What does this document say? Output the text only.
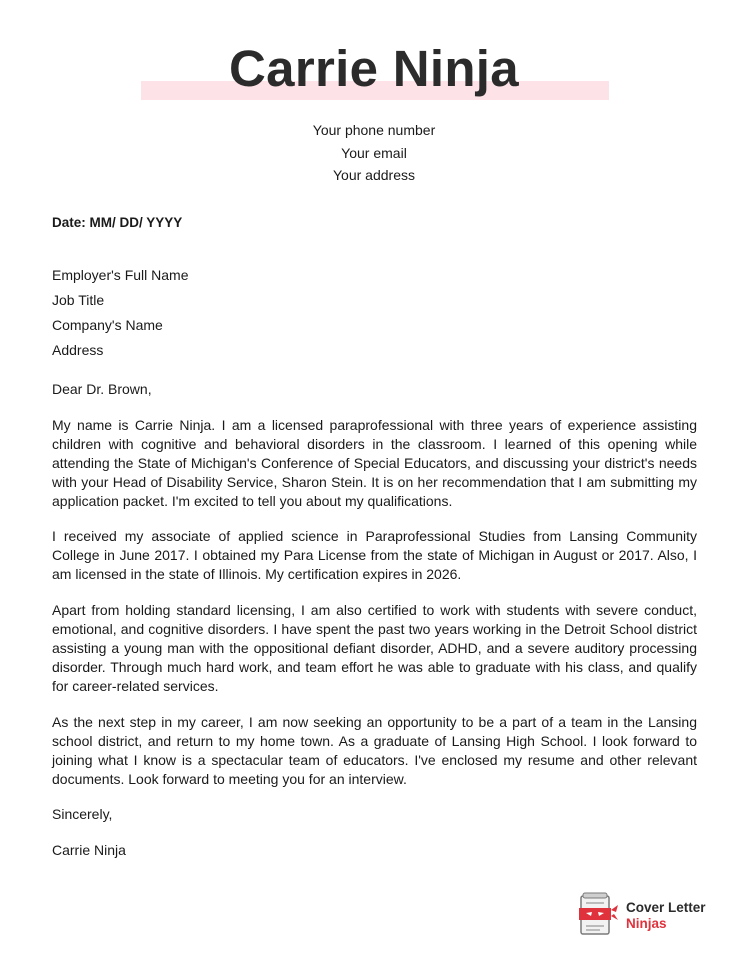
Carrie Ninja
Your phone number
Your email
Your address
Date: MM/ DD/ YYYY
Employer's Full Name
Job Title
Company's Name
Address
Dear Dr. Brown,

My name is Carrie Ninja. I am a licensed paraprofessional with three years of experience assisting children with cognitive and behavioral disorders in the classroom. I learned of this opening while attending the State of Michigan's Conference of Special Educators, and discussing your district's needs with your Head of Disability Service, Sharon Stein. It is on her recommendation that I am submitting my application packet. I'm excited to tell you about my qualifications.

I received my associate of applied science in Paraprofessional Studies from Lansing Community College in June 2017. I obtained my Para License from the state of Michigan in August or 2017. Also, I am licensed in the state of Illinois. My certification expires in 2026.

Apart from holding standard licensing, I am also certified to work with students with severe conduct, emotional, and cognitive disorders. I have spent the past two years working in the Detroit School district assisting a young man with the oppositional defiant disorder, ADHD, and a severe auditory processing disorder. Through much hard work, and team effort he was able to graduate with his class, and qualify for career-related services.

As the next step in my career, I am now seeking an opportunity to be a part of a team in the Lansing school district, and return to my home town. As a graduate of Lansing High School. I look forward to joining what I know is a spectacular team of educators. I've enclosed my resume and other relevant documents. Look forward to meeting you for an interview.

Sincerely,
Carrie Ninja
Cover Letter
Ninjas
